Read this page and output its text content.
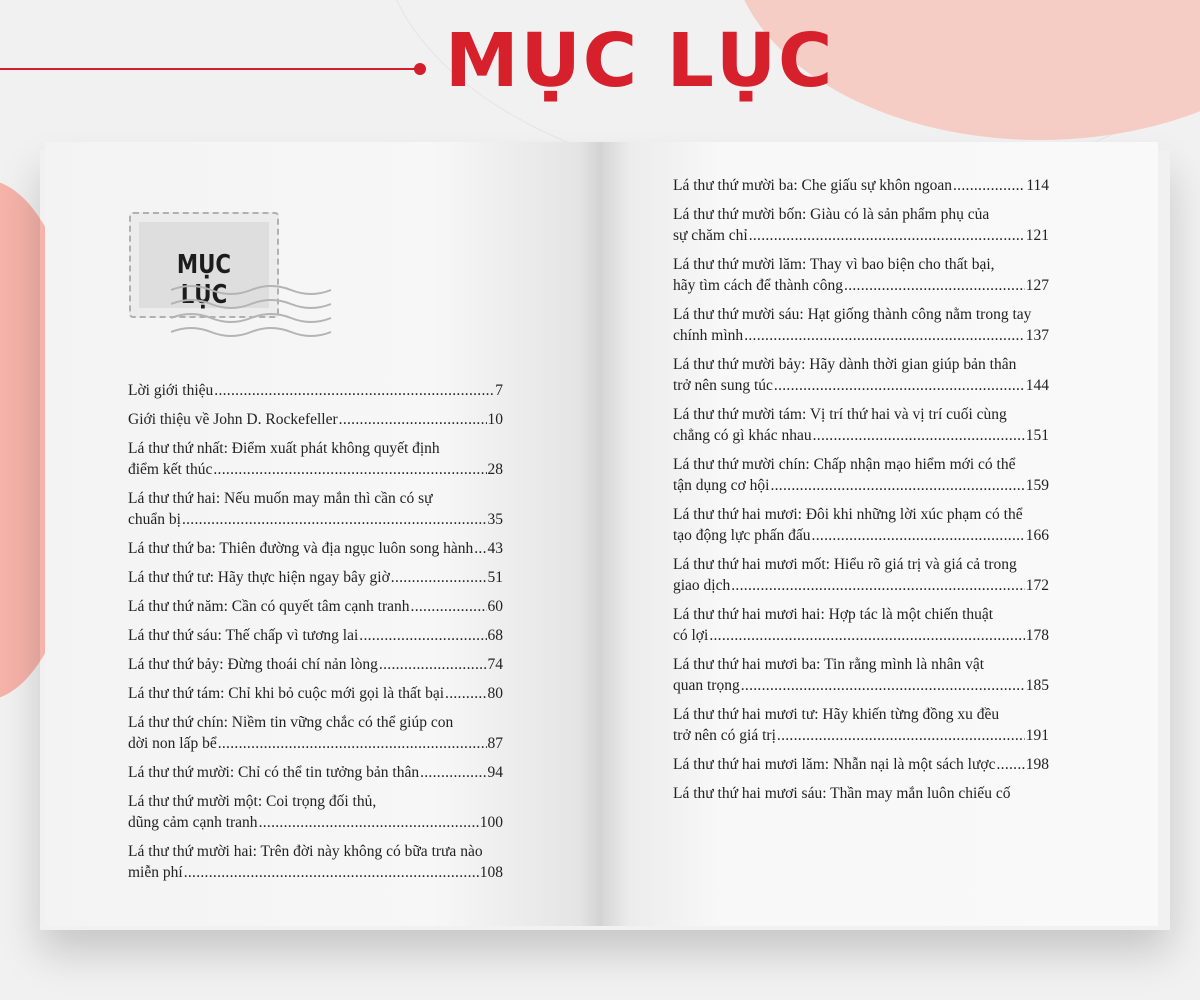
MỤC LỤC
MỤC LỤC
Lời giới thiệu .....	7
Giới thiệu về John D. Rockefeller .....	10
Lá thư thứ nhất: Điểm xuất phát không quyết định
điểm kết thúc .....	28
Lá thư thứ hai: Nếu muốn may mắn thì cần có sự
chuẩn bị .....	35
Lá thư thứ ba: Thiên đường và địa ngục luôn song hành ..... 43
Lá thư thứ tư: Hãy thực hiện ngay bây giờ .....	51
Lá thư thứ năm: Cần có quyết tâm cạnh tranh .....	60
Lá thư thứ sáu: Thế chấp vì tương lai .....	68
Lá thư thứ bảy: Đừng thoái chí nản lòng .....	74
Lá thư thứ tám: Chỉ khi bỏ cuộc mới gọi là thất bại .....	80
Lá thư thứ chín: Niềm tin vững chắc có thể giúp con
dời non lấp bể .....	87
Lá thư thứ mười: Chỉ có thể tin tưởng bản thân .....	94
Lá thư thứ mười một: Coi trọng đối thủ,
dũng cảm cạnh tranh .....	100
Lá thư thứ mười hai: Trên đời này không có bữa trưa nào
miễn phí .....	108
Lá thư thứ mười ba: Che giấu sự khôn ngoan .....	114
Lá thư thứ mười bốn: Giàu có là sản phẩm phụ của
sự chăm chỉ .....	121
Lá thư thứ mười lăm: Thay vì bao biện cho thất bại,
hãy tìm cách để thành công .....	127
Lá thư thứ mười sáu: Hạt giống thành công nằm trong tay
chính mình .....	137
Lá thư thứ mười bảy: Hãy dành thời gian giúp bản thân
trở nên sung túc .....	144
Lá thư thứ mười tám: Vị trí thứ hai và vị trí cuối cùng
chẳng có gì khác nhau .....	151
Lá thư thứ mười chín: Chấp nhận mạo hiểm mới có thể
tận dụng cơ hội .....	159
Lá thư thứ hai mươi: Đôi khi những lời xúc phạm có thể
tạo động lực phấn đấu .....	166
Lá thư thứ hai mươi mốt: Hiểu rõ giá trị và giá cả trong
giao dịch .....	172
Lá thư thứ hai mươi hai: Hợp tác là một chiến thuật
có lợi .....	178
Lá thư thứ hai mươi ba: Tin rằng mình là nhân vật
quan trọng .....	185
Lá thư thứ hai mươi tư: Hãy khiến từng đồng xu đều
trở nên có giá trị .....	191
Lá thư thứ hai mươi lăm: Nhẫn nại là một sách lược ..... 198
Lá thư thứ hai mươi sáu: Thần may mắn luôn chiếu cố
